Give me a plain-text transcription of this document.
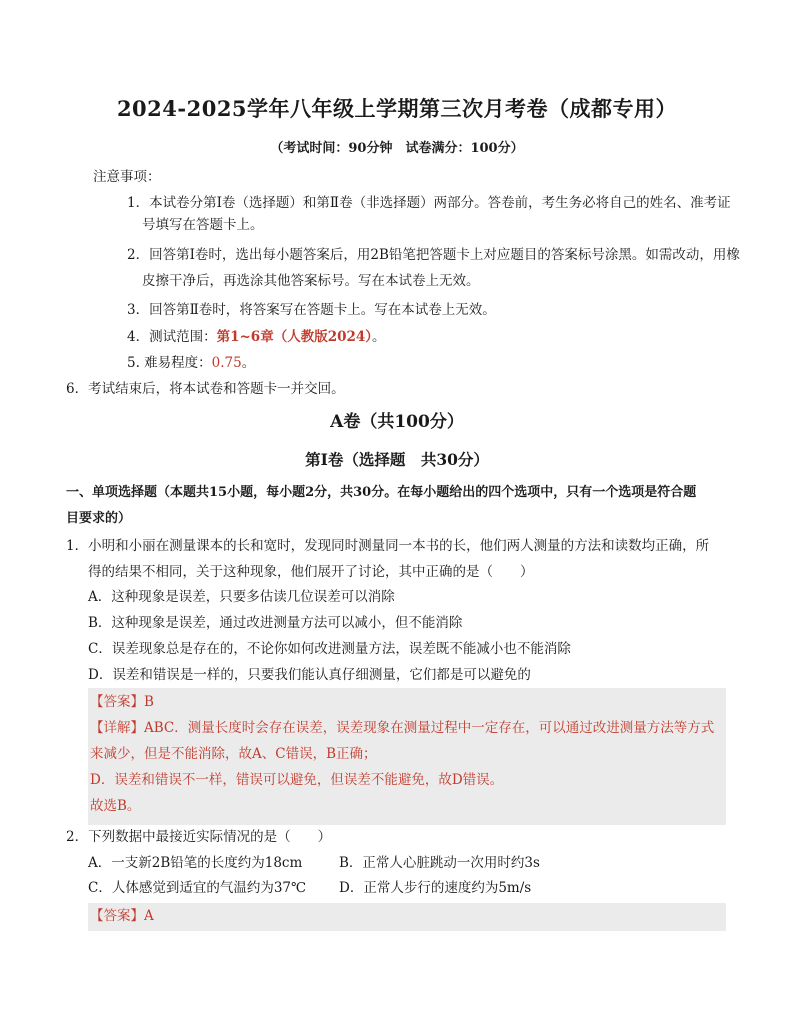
2024-2025学年八年级上学期第三次月考卷（成都专用）
（考试时间：90分钟　试卷满分：100分）
注意事项：
1．本试卷分第Ⅰ卷（选择题）和第Ⅱ卷（非选择题）两部分。答卷前，考生务必将自己的姓名、准考证
号填写在答题卡上。
2．回答第Ⅰ卷时，选出每小题答案后，用2B铅笔把答题卡上对应题目的答案标号涂黑。如需改动，用橡
皮擦干净后，再选涂其他答案标号。写在本试卷上无效。
3．回答第Ⅱ卷时，将答案写在答题卡上。写在本试卷上无效。
4．测试范围：第1~6章（人教版2024）。
5. 难易程度：0.75。
6．考试结束后，将本试卷和答题卡一并交回。
A卷（共100分）
第Ⅰ卷（选择题　共30分）
一、单项选择题（本题共15小题，每小题2分，共30分。在每小题给出的四个选项中，只有一个选项是符合题
目要求的）
1．小明和小丽在测量课本的长和宽时，发现同时测量同一本书的长，他们两人测量的方法和读数均正确，所
得的结果不相同，关于这种现象，他们展开了讨论，其中正确的是（　　）
A．这种现象是误差，只要多估读几位误差可以消除
B．这种现象是误差，通过改进测量方法可以减小，但不能消除
C．误差现象总是存在的，不论你如何改进测量方法，误差既不能减小也不能消除
D．误差和错误是一样的，只要我们能认真仔细测量，它们都是可以避免的
【答案】B
【详解】ABC．测量长度时会存在误差，误差现象在测量过程中一定存在，可以通过改进测量方法等方式
来减少，但是不能消除，故A、C错误，B正确；
D．误差和错误不一样，错误可以避免，但误差不能避免，故D错误。
故选B。
2．下列数据中最接近实际情况的是（　　）
A．一支新2B铅笔的长度约为18cm	B．正常人心脏跳动一次用时约3s
C．人体感觉到适宜的气温约为37℃ D．正常人步行的速度约为5m/s
【答案】A
